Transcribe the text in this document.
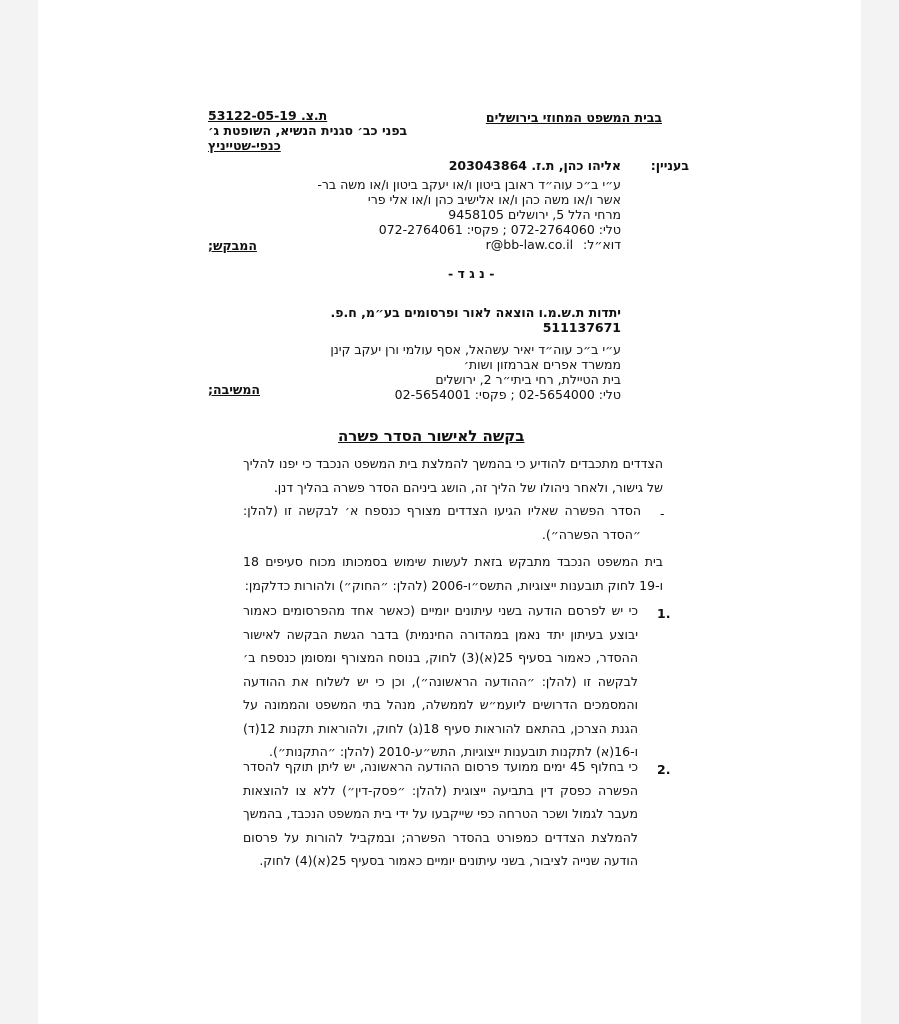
בבית המשפט המחוזי בירושלים
ת.צ. 53122-05-19
בפני כב׳ סגנית הנשיא, השופטת ג׳
כנפי-שטייניץ
בעניין:
אליהו כהן, ת.ז. 203043864
ע״י ב״כ עוה״ד ראובן ביטון ו/או יעקב ביטון ו/או משה בר-
אשר ו/או משה כהן ו/או אלישיב כהן ו/או אלי פרי
מרחי הלל 5, ירושלים 9458105
טלי: 072-2764060 ; פקסי: 072-2764061
דוא״ל: r@bb-law.co.il
המבקש;
- נ ג ד -
יתדות ת.ש.מ.ו הוצאה לאור ופרסומים בע״מ, ח.פ.
511137671
ע״י ב״כ עוה״ד יאיר עשהאל, אסף עולמי ורן יעקב קינן
ממשרד אפרים אברמזון ושות׳
בית הטיילת, רחי ביתי״ר 2, ירושלים
טלי: 02-5654000 ; פקסי: 02-5654001
המשיבה;
בקשה לאישור הסדר פשרה
הצדדים מתכבדים להודיע כי בהמשך להמלצת בית המשפט הנכבד כי יפנו להליך של גישור, ולאחר ניהולו של הליך זה, הושג ביניהם הסדר פשרה בהליך דנן.
-
הסדר הפשרה שאליו הגיעו הצדדים מצורף כנספח א׳ לבקשה זו (להלן: ״הסדר הפשרה״).
בית המשפט הנכבד מתבקש בזאת לעשות שימוש בסמכותו מכוח סעיפים 18 ו-19 לחוק תובענות ייצוגיות, התשס״ו-2006 (להלן: ״החוק״) ולהורות כדלקמן:
1.
כי יש לפרסם הודעה בשני עיתונים יומיים (כאשר אחד מהפרסומים כאמור יבוצע בעיתון יתד נאמן במהדורה החינמית) בדבר הגשת הבקשה לאישור ההסדר, כאמור בסעיף 25(א)(3) לחוק, בנוסח המצורף ומסומן כנספח ב׳ לבקשה זו (להלן: ״ההודעה הראשונה״), וכן כי יש לשלוח את ההודעה והמסמכים הדרושים ליועמ״ש לממשלה, מנהל בתי המשפט והממונה על הגנת הצרכן, בהתאם להוראות סעיף 18(ג) לחוק, ולהוראות תקנות 12(ד) ו-16(א) לתקנות תובענות ייצוגיות, התש״ע-2010 (להלן: ״התקנות״).
2.
כי בחלוף 45 ימים ממועד פרסום ההודעה הראשונה, יש ליתן תוקף להסדר הפשרה כפסק דין בתביעה ייצוגית (להלן: ״פסק-דין״) ללא צו להוצאות מעבר לגמול ושכר הטרחה כפי שייקבעו על ידי בית המשפט הנכבד, בהמשך להמלצת הצדדים כמפורט בהסדר הפשרה; ובמקביל להורות על פרסום הודעה שנייה לציבור, בשני עיתונים יומיים כאמור בסעיף 25(א)(4) לחוק.
